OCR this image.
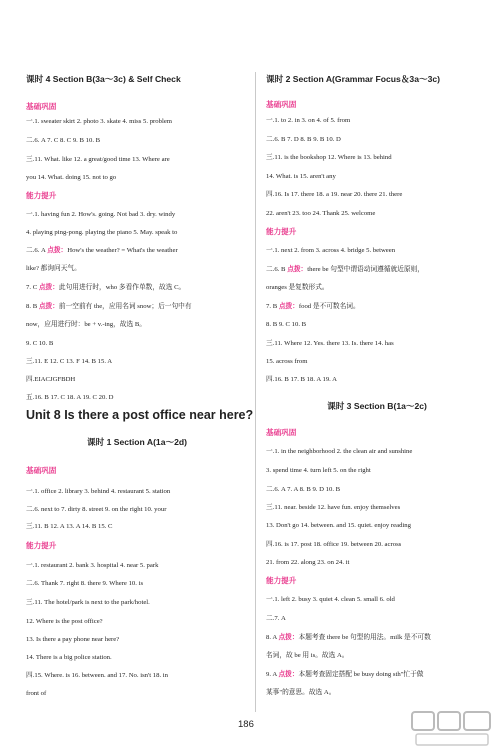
课时 4 Section B(3a～3c) & Self Check
基础巩固
一.1. sweater skirt 2. photo 3. skate 4. miss 5. problem
二.6. A 7. C 8. C 9. B 10. B
三.11. What. like 12. a great/good time 13. Where are
you 14. What. doing 15. not to go
能力提升
一.1. having fun 2. How's. going. Not bad 3. dry. windy
4. playing ping-pong. playing the piano 5. May. speak to
二.6. A 点拨：How's the weather? = What's the weather
like? 都询问天气。
7. C 点拨：此句用进行时，who 多看作单数，故选 C。
8. B 点拨：前一空前有 the，应用名词 snow；后一句中有
now，应用进行时：be + v.-ing，故选 B。
9. C 10. B
三.11. E 12. C 13. F 14. B 15. A
四.EIACJGFBDH
五.16. B 17. C 18. A 19. C 20. D
Unit 8 Is there a post office near here?
课时 1 Section A(1a～2d)
基础巩固
一.1. office 2. library 3. behind 4. restaurant 5. station
二.6. next to 7. dirty 8. street 9. on the right 10. your
三.11. B 12. A 13. A 14. B 15. C
能力提升
一.1. restaurant 2. bank 3. hospital 4. near 5. park
二.6. Thank 7. right 8. there 9. Where 10. is
三.11. The hotel/park is next to the park/hotel.
12. Where is the post office?
13. Is there a pay phone near here?
14. There is a big police station.
四.15. Where. is 16. between. and 17. No. isn't 18. in
front of
课时 2 Section A(Grammar Focus＆3a～3c)
基础巩固
一.1. to 2. in 3. on 4. of 5. from
二.6. B 7. D 8. B 9. B 10. D
三.11. is the bookshop 12. Where is 13. behind
14. What. is 15. aren't any
四.16. Is 17. there 18. a 19. near 20. there 21. there
22. aren't 23. too 24. Thank 25. welcome
能力提升
一.1. next 2. from 3. across 4. bridge 5. between
二.6. B 点拨：there be 句型中谓语动词遵循就近原则，
oranges 是复数形式。
7. B 点拨：food 是不可数名词。
8. B 9. C 10. B
三.11. Where 12. Yes. there 13. Is. there 14. has
15. across from
四.16. B 17. B 18. A 19. A
课时 3 Section B(1a～2c)
基础巩固
一.1. in the neighborhood 2. the clean air and sunshine
3. spend time 4. turn left 5. on the right
二.6. A 7. A 8. B 9. D 10. B
三.11. near. beside 12. have fun. enjoy themselves
13. Don't go 14. between. and 15. quiet. enjoy reading
四.16. is 17. post 18. office 19. between 20. across
21. from 22. along 23. on 24. it
能力提升
一.1. left 2. busy 3. quiet 4. clean 5. small 6. old
二.7. A
8. A 点拨：本题考查 there be 句型的用法。milk 是不可数
名词，故 be 用 is。故选 A。
9. A 点拨：本题考查固定搭配 be busy doing sth"忙于做
某事"的意思。故选 A。
186
